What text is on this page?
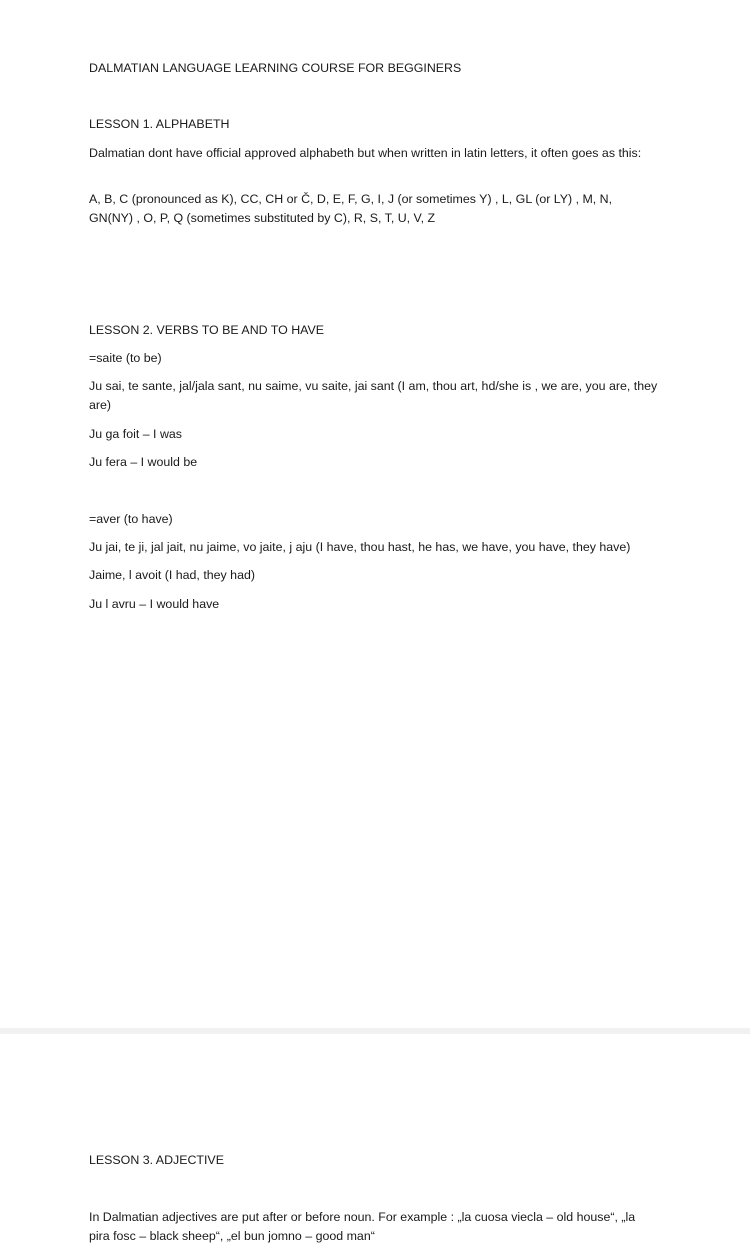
DALMATIAN LANGUAGE LEARNING COURSE FOR BEGGINERS

LESSON 1. ALPHABETH

Dalmatian dont have official approved alphabeth but when written in latin letters, it often goes as this:

A, B, C (pronounced as K), CC, CH or Č, D, E, F, G, I, J (or sometimes Y) , L, GL (or LY) , M, N, GN(NY) , O, P, Q (sometimes substituted by C), R, S, T, U, V, Z

LESSON 2. VERBS TO BE AND TO HAVE

=saite (to be)

Ju sai, te sante, jal/jala sant, nu saime, vu saite, jai sant (I am, thou art, hd/she is , we are, you are, they are)

Ju ga foit – I was

Ju fera – I would be

=aver (to have)

Ju jai, te ji, jal jait, nu jaime, vo jaite, j aju (I have, thou hast, he has, we have, you have, they have)

Jaime, l avoit (I had, they had)

Ju l avru – I would have

LESSON 3. ADJECTIVE

In Dalmatian adjectives are put after or before noun. For example : „la cuosa viecla – old house“, „la pira fosc – black sheep“, „el bun jomno – good man“
